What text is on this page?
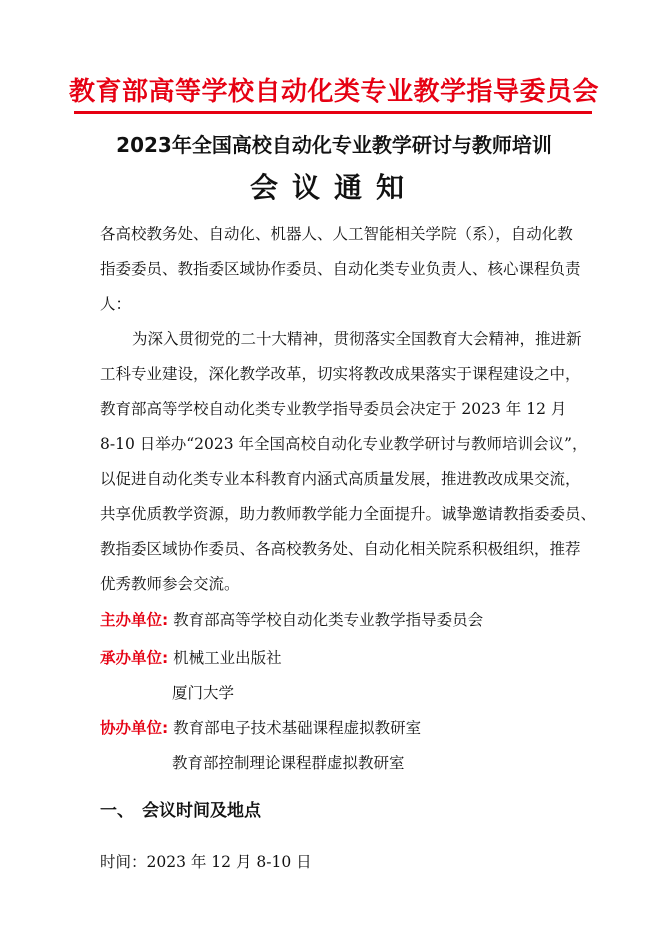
教育部高等学校自动化类专业教学指导委员会
2023年全国高校自动化专业教学研讨与教师培训
会议通知
各高校教务处、自动化、机器人、人工智能相关学院（系），自动化教
指委委员、教指委区域协作委员、自动化类专业负责人、核心课程负责
人：
为深入贯彻党的二十大精神，贯彻落实全国教育大会精神，推进新
工科专业建设，深化教学改革，切实将教改成果落实于课程建设之中，
教育部高等学校自动化类专业教学指导委员会决定于 2023 年 12 月
8-10 日举办“2023 年全国高校自动化专业教学研讨与教师培训会议”，
以促进自动化类专业本科教育内涵式高质量发展，推进教改成果交流，
共享优质教学资源，助力教师教学能力全面提升。诚挚邀请教指委委员、
教指委区域协作委员、各高校教务处、自动化相关院系积极组织，推荐
优秀教师参会交流。
主办单位: 教育部高等学校自动化类专业教学指导委员会
承办单位: 机械工业出版社
厦门大学
协办单位: 教育部电子技术基础课程虚拟教研室
教育部控制理论课程群虚拟教研室
一、 会议时间及地点
时间：2023 年 12 月 8-10 日
